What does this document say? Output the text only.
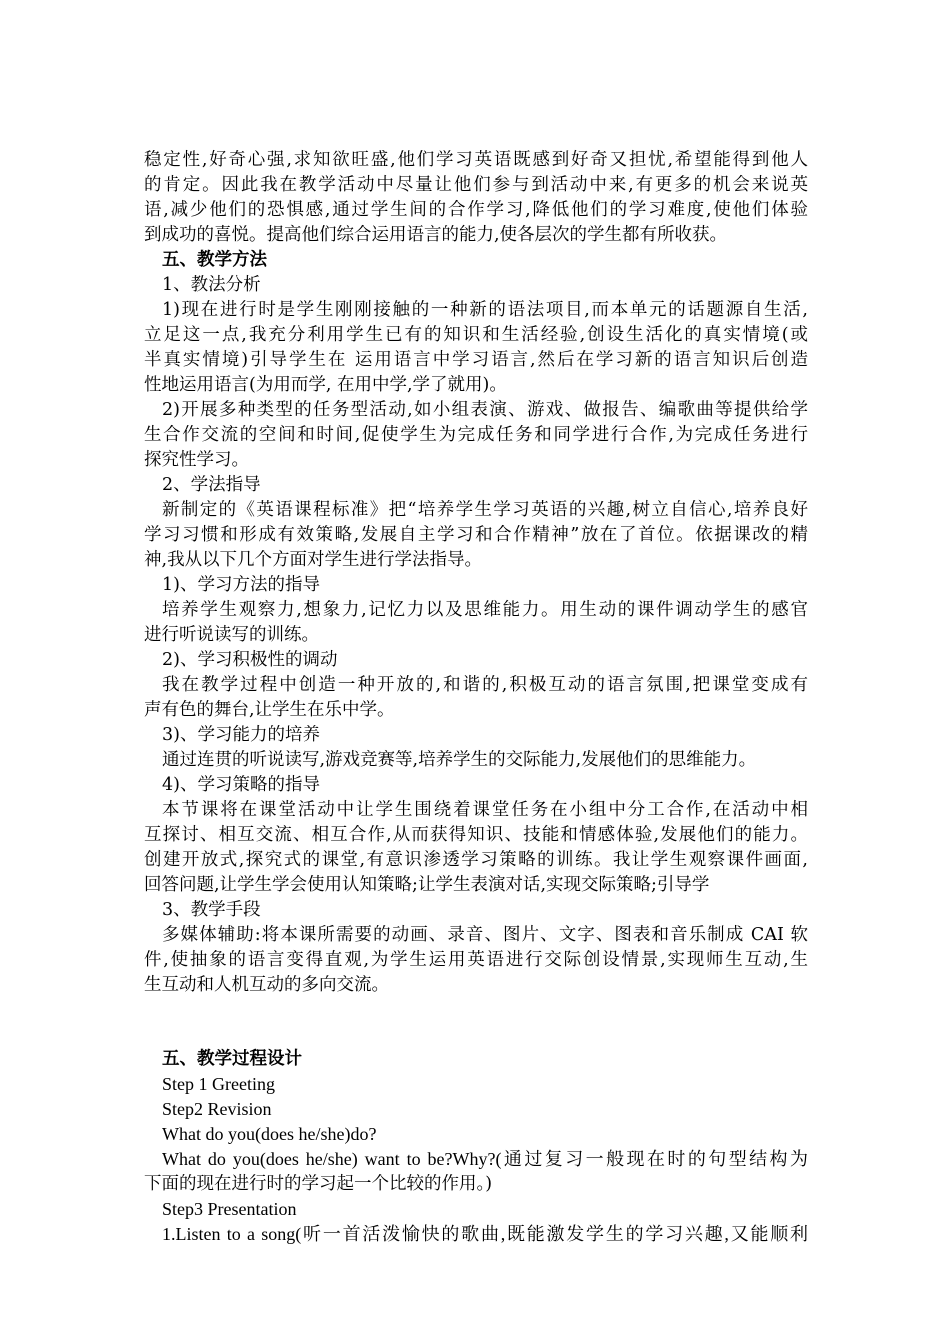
稳定性,好奇心强,求知欲旺盛,他们学习英语既感到好奇又担忧,希望能得到他人
的肯定。因此我在教学活动中尽量让他们参与到活动中来,有更多的机会来说英
语,减少他们的恐惧感,通过学生间的合作学习,降低他们的学习难度,使他们体验
到成功的喜悦。提高他们综合运用语言的能力,使各层次的学生都有所收获。
五、教学方法
1、教法分析
1)现在进行时是学生刚刚接触的一种新的语法项目,而本单元的话题源自生活,
立足这一点,我充分利用学生已有的知识和生活经验,创设生活化的真实情境(或
半真实情境)引导学生在 运用语言中学习语言,然后在学习新的语言知识后创造
性地运用语言(为用而学, 在用中学,学了就用)。
2)开展多种类型的任务型活动,如小组表演、游戏、做报告、编歌曲等提供给学
生合作交流的空间和时间,促使学生为完成任务和同学进行合作,为完成任务进行
探究性学习。
2、学法指导
新制定的《英语课程标准》把“培养学生学习英语的兴趣,树立自信心,培养良好
学习习惯和形成有效策略,发展自主学习和合作精神”放在了首位。依据课改的精
神,我从以下几个方面对学生进行学法指导。
1)、学习方法的指导
培养学生观察力,想象力,记忆力以及思维能力。用生动的课件调动学生的感官
进行听说读写的训练。
2)、学习积极性的调动
我在教学过程中创造一种开放的,和谐的,积极互动的语言氛围,把课堂变成有
声有色的舞台,让学生在乐中学。
3)、学习能力的培养
通过连贯的听说读写,游戏竞赛等,培养学生的交际能力,发展他们的思维能力。
4)、学习策略的指导
本节课将在课堂活动中让学生围绕着课堂任务在小组中分工合作,在活动中相
互探讨、相互交流、相互合作,从而获得知识、技能和情感体验,发展他们的能力。
创建开放式,探究式的课堂,有意识渗透学习策略的训练。我让学生观察课件画面,
回答问题,让学生学会使用认知策略;让学生表演对话,实现交际策略;引导学
3、教学手段
多媒体辅助:将本课所需要的动画、录音、图片、文字、图表和音乐制成 CAI 软
件,使抽象的语言变得直观,为学生运用英语进行交际创设情景,实现师生互动,生
生互动和人机互动的多向交流。
五、教学过程设计
Step 1 Greeting
Step2 Revision
What do you(does he/she)do?
What do you(does he/she) want to be?Why?(通过复习一般现在时的句型结构为
下面的现在进行时的学习起一个比较的作用。)
Step3 Presentation
1.Listen to a song(听一首活泼愉快的歌曲,既能激发学生的学习兴趣,又能顺利
